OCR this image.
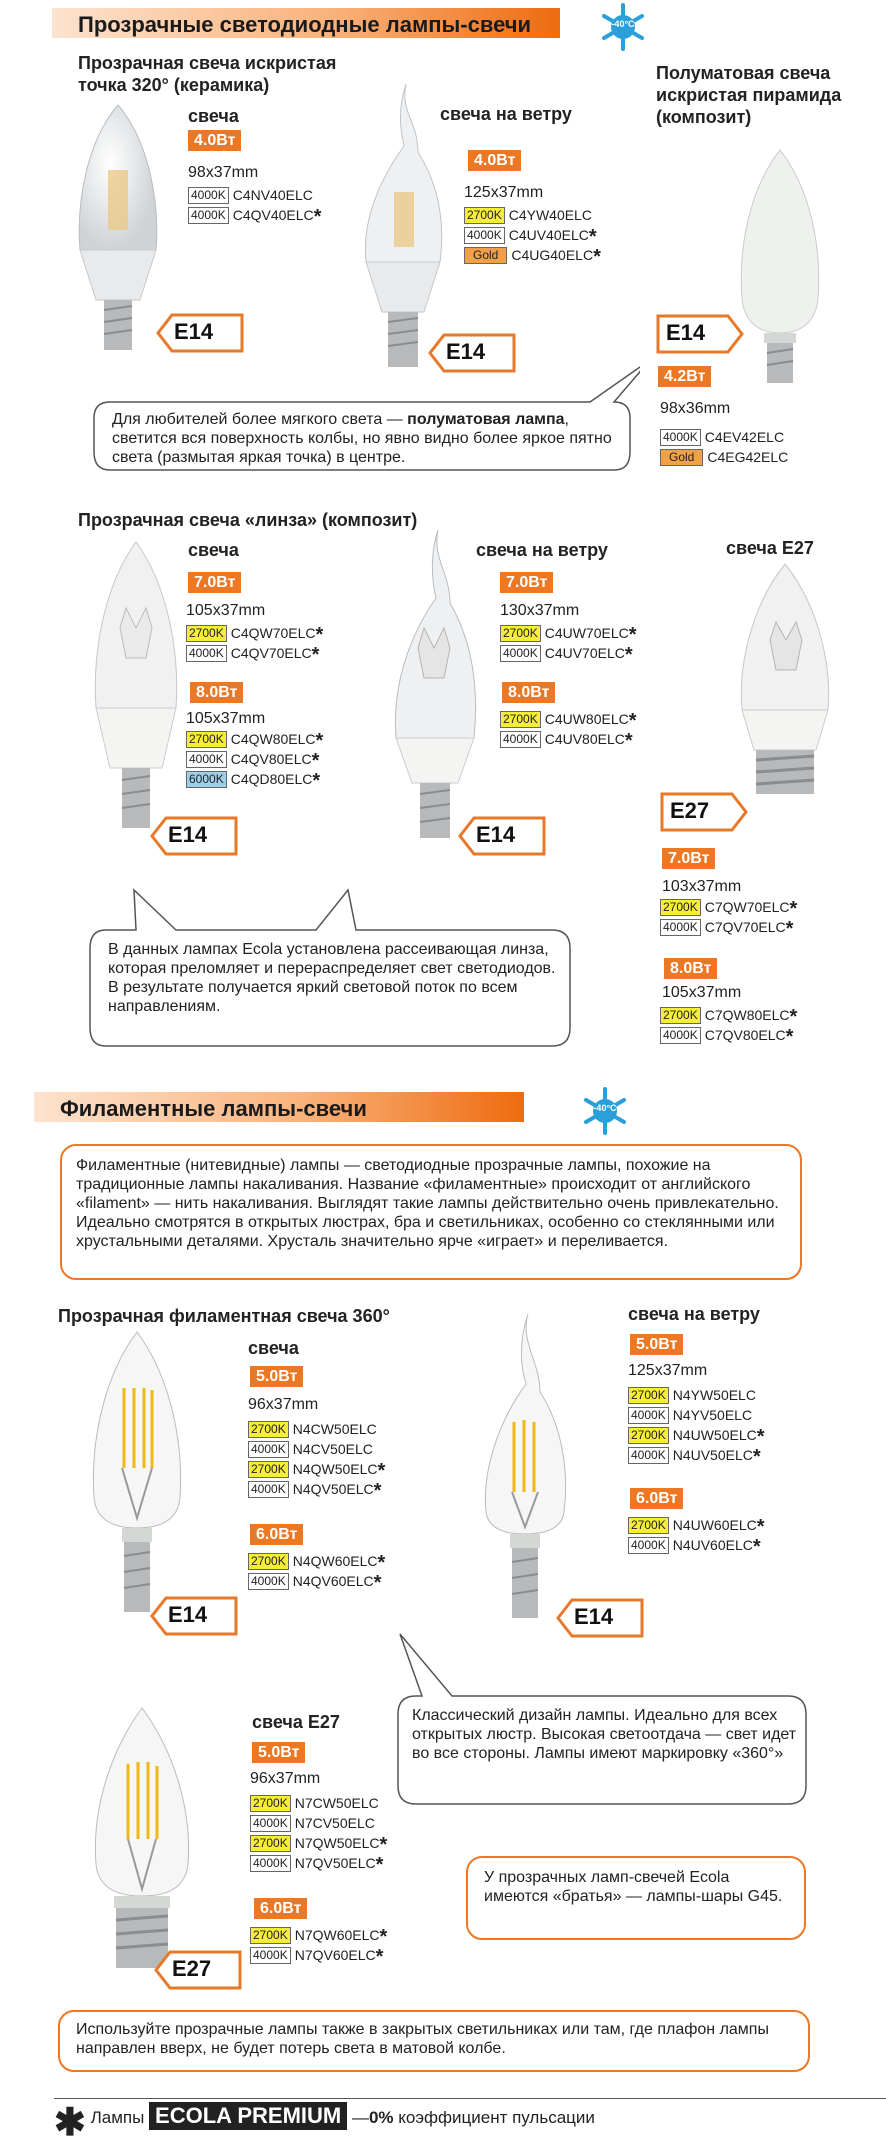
Прозрачные светодиодные лампы-свечи	-40°C
Прозрачная свеча искристая точка 320° (керамика)
свеча
4.0Вт
98x37mm
4000K C4NV40ELC
4000K C4QV40ELC*
E14
свеча на ветру
4.0Вт
125x37mm
2700K C4YW40ELC
4000K C4UV40ELC*
Gold C4UG40ELC*
E14
Полуматовая свеча искристая пирамида (композит)
E14
4.2Вт
98x36mm
4000K C4EV42ELC
Gold C4EG42ELC
Для любителей более мягкого света — полуматовая лампа, светится вся поверхность колбы, но явно видно более яркое пятно света (размытая яркая точка) в центре.
Прозрачная свеча «линза» (композит)
свеча
7.0Вт
105x37mm
2700K C4QW70ELC*
4000K C4QV70ELC*
8.0Вт
105x37mm
2700K C4QW80ELC*
4000K C4QV80ELC*
6000K C4QD80ELC*
E14
свеча на ветру
7.0Вт
130x37mm
2700K C4UW70ELC*
4000K C4UV70ELC*
8.0Вт
2700K C4UW80ELC*
4000K C4UV80ELC*
E14
свеча E27
E27
7.0Вт
103x37mm
2700K C7QW70ELC*
4000K C7QV70ELC*
8.0Вт
105x37mm
2700K C7QW80ELC*
4000K C7QV80ELC*
В данных лампах Ecola установлена рассеивающая линза, которая преломляет и перераспределяет свет светодиодов. В результате получается яркий световой поток по всем направлениям.
Филаментные лампы-свечи	-40°C
Филаментные (нитевидные) лампы — светодиодные прозрачные лампы, похожие на традиционные лампы накаливания. Название «филаментные» происходит от английского «filament» — нить накаливания. Выглядят такие лампы действительно очень привлекательно. Идеально смотрятся в открытых люстрах, бра и светильниках, особенно со стеклянными или хрустальными деталями. Хрусталь значительно ярче «играет» и переливается.
Прозрачная филаментная свеча 360°
свеча
5.0Вт
96x37mm
2700K N4CW50ELC
4000K N4CV50ELC
2700K N4QW50ELC*
4000K N4QV50ELC*
6.0Вт
2700K N4QW60ELC*
4000K N4QV60ELC*
E14
свеча на ветру
5.0Вт
125x37mm
2700K N4YW50ELC
4000K N4YV50ELC
2700K N4UW50ELC*
4000K N4UV50ELC*
6.0Вт
2700K N4UW60ELC*
4000K N4UV60ELC*
E14
свеча E27
5.0Вт
96x37mm
2700K N7CW50ELC
4000K N7CV50ELC
2700K N7QW50ELC*
4000K N7QV50ELC*
6.0Вт
2700K N7QW60ELC*
4000K N7QV60ELC*
E27
Классический дизайн лампы. Идеально для всех открытых люстр. Высокая светоотдача — свет идет во все стороны. Лампы имеют маркировку «360°»
У прозрачных ламп-свечей Ecola имеются «братья» — лампы-шары G45.
Используйте прозрачные лампы также в закрытых светильниках или там, где плафон лампы направлен вверх, не будет потерь света в матовой колбе.
✱ Лампы ECOLA PREMIUM —0% коэффициент пульсации
